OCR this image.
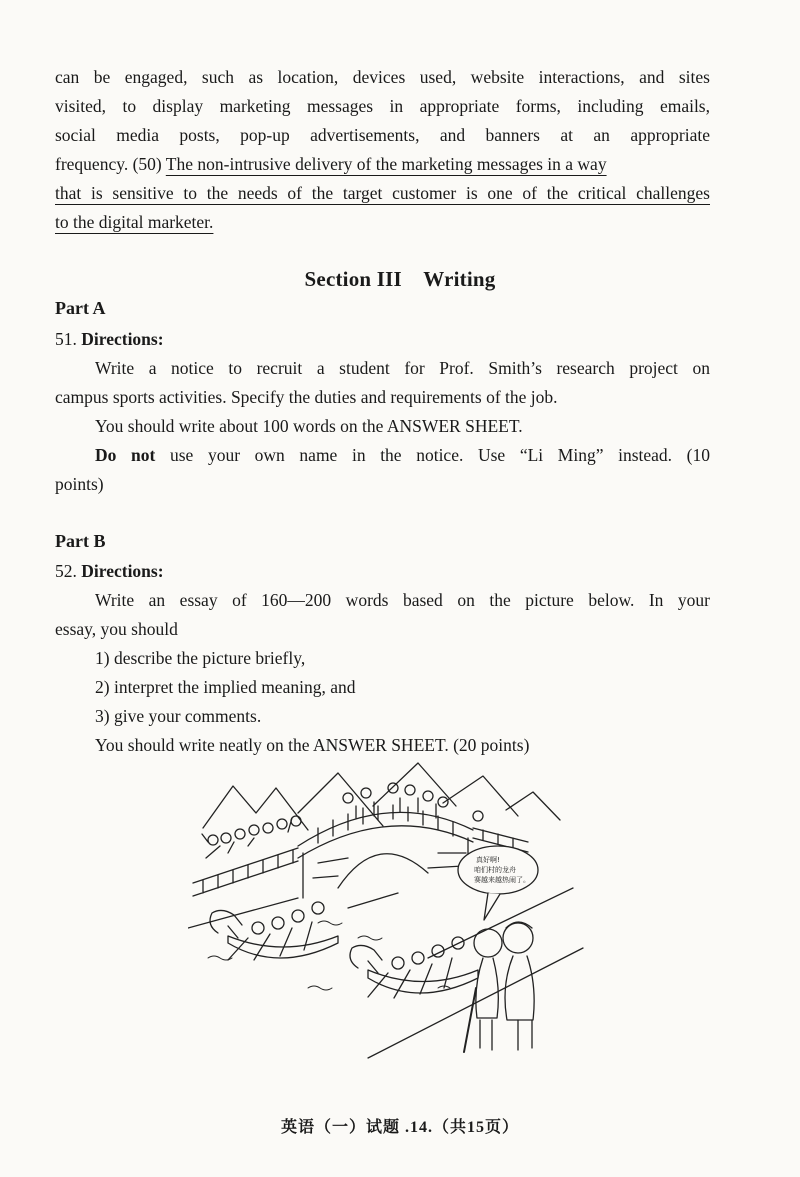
can be engaged, such as location, devices used, website interactions, and sites
visited, to display marketing messages in appropriate forms, including emails,
social media posts, pop-up advertisements, and banners at an appropriate
frequency. (50) The non-intrusive delivery of the marketing messages in a way
that is sensitive to the needs of the target customer is one of the critical challenges
to the digital marketer.
Section III    Writing
Part A
51. Directions:
Write a notice to recruit a student for Prof. Smith’s research project on
campus sports activities. Specify the duties and requirements of the job.
You should write about 100 words on the ANSWER SHEET.
Do not use your own name in the notice. Use “Li Ming” instead. (10
points)
Part B
52. Directions:
Write an essay of 160—200 words based on the picture below. In your
essay, you should
1) describe the picture briefly,
2) interpret the implied meaning, and
3) give your comments.
You should write neatly on the ANSWER SHEET. (20 points)
真好啊!
咱们村的龙舟
赛越来越热闹了。
英语（一）试题 .14.（共15页）
